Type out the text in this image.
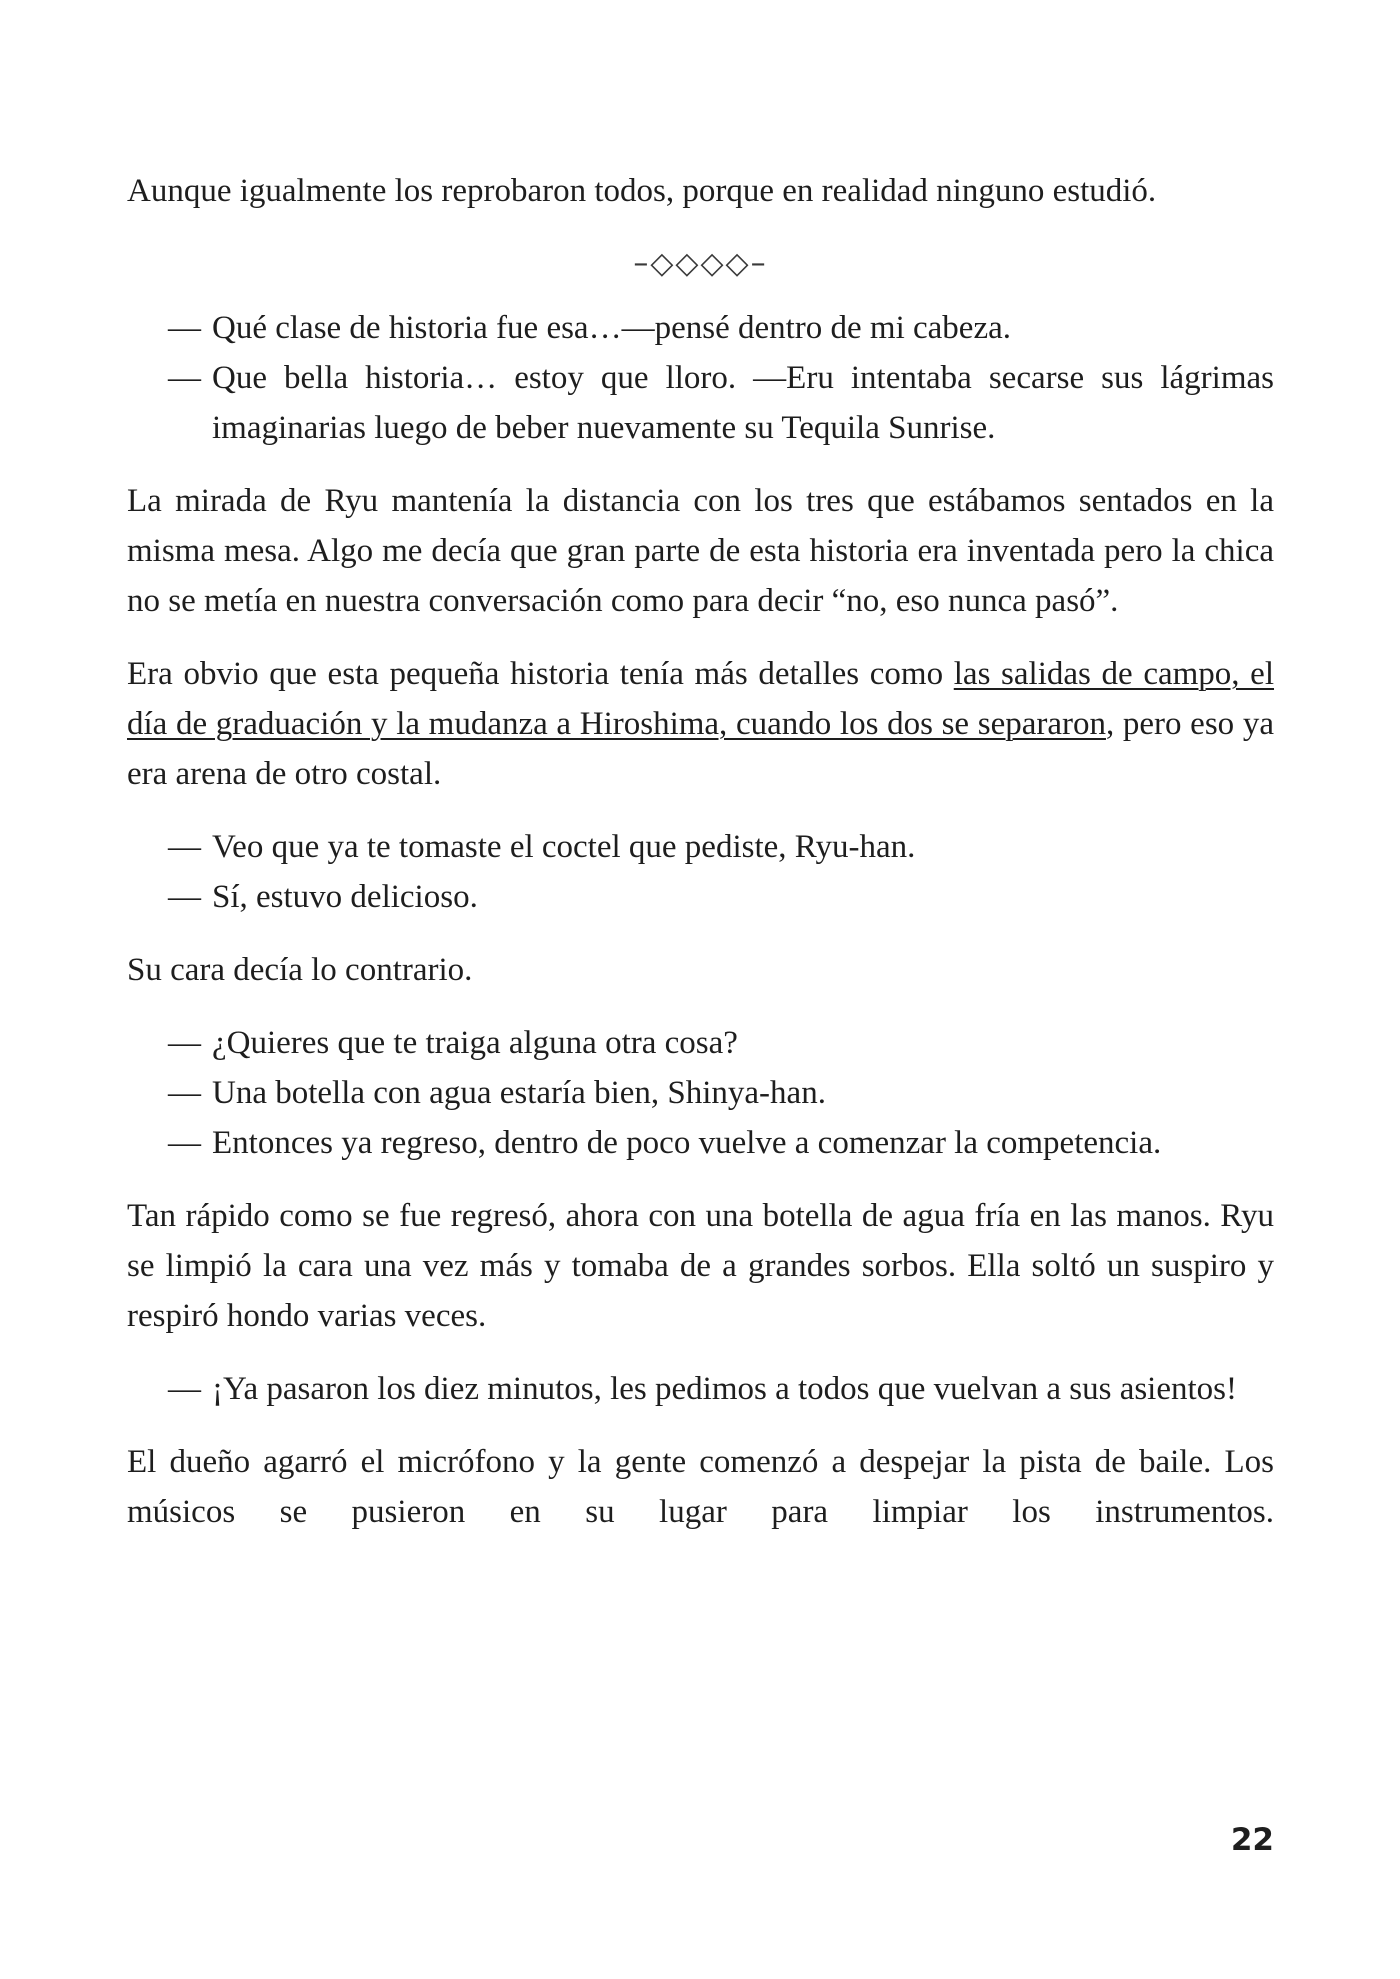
Aunque igualmente los reprobaron todos, porque en realidad ninguno estudió.

–◇◇◇◇–
— Qué clase de historia fue esa…—pensé dentro de mi cabeza.
— Que bella historia… estoy que lloro. —Eru intentaba secarse sus lágrimas imaginarias luego de beber nuevamente su Tequila Sunrise.

La mirada de Ryu mantenía la distancia con los tres que estábamos sentados en la misma mesa. Algo me decía que gran parte de esta historia era inventada pero la chica no se metía en nuestra conversación como para decir “no, eso nunca pasó”.

Era obvio que esta pequeña historia tenía más detalles como las salidas de campo, el día de graduación y la mudanza a Hiroshima, cuando los dos se separaron, pero eso ya era arena de otro costal.

— Veo que ya te tomaste el coctel que pediste, Ryu-han.
— Sí, estuvo delicioso.

Su cara decía lo contrario.

— ¿Quieres que te traiga alguna otra cosa?
— Una botella con agua estaría bien, Shinya-han.
— Entonces ya regreso, dentro de poco vuelve a comenzar la competencia.

Tan rápido como se fue regresó, ahora con una botella de agua fría en las manos. Ryu se limpió la cara una vez más y tomaba de a grandes sorbos. Ella soltó un suspiro y respiró hondo varias veces.

— ¡Ya pasaron los diez minutos, les pedimos a todos que vuelvan a sus asientos!

El dueño agarró el micrófono y la gente comenzó a despejar la pista de baile. Los músicos se pusieron en su lugar para limpiar los instrumentos.

22
